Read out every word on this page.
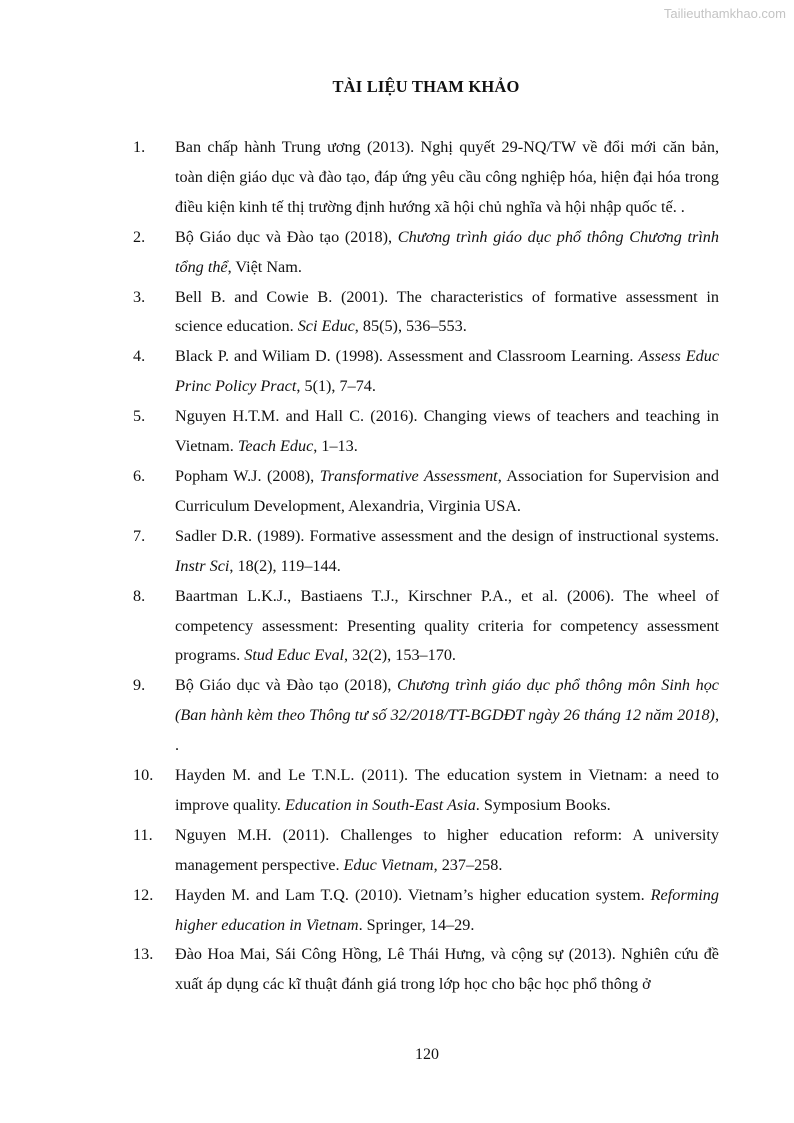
Tailieuthamkhao.com
TÀI LIỆU THAM KHẢO
1. Ban chấp hành Trung ương (2013). Nghị quyết 29-NQ/TW về đổi mới căn bản, toàn diện giáo dục và đào tạo, đáp ứng yêu cầu công nghiệp hóa, hiện đại hóa trong điều kiện kinh tế thị trường định hướng xã hội chủ nghĩa và hội nhập quốc tế. .
2. Bộ Giáo dục và Đào tạo (2018), Chương trình giáo dục phổ thông Chương trình tổng thể, Việt Nam.
3. Bell B. and Cowie B. (2001). The characteristics of formative assessment in science education. Sci Educ, 85(5), 536–553.
4. Black P. and Wiliam D. (1998). Assessment and Classroom Learning. Assess Educ Princ Policy Pract, 5(1), 7–74.
5. Nguyen H.T.M. and Hall C. (2016). Changing views of teachers and teaching in Vietnam. Teach Educ, 1–13.
6. Popham W.J. (2008), Transformative Assessment, Association for Supervision and Curriculum Development, Alexandria, Virginia USA.
7. Sadler D.R. (1989). Formative assessment and the design of instructional systems. Instr Sci, 18(2), 119–144.
8. Baartman L.K.J., Bastiaens T.J., Kirschner P.A., et al. (2006). The wheel of competency assessment: Presenting quality criteria for competency assessment programs. Stud Educ Eval, 32(2), 153–170.
9. Bộ Giáo dục và Đào tạo (2018), Chương trình giáo dục phổ thông môn Sinh học (Ban hành kèm theo Thông tư số 32/2018/TT-BGDĐT ngày 26 tháng 12 năm 2018), .
10. Hayden M. and Le T.N.L. (2011). The education system in Vietnam: a need to improve quality. Education in South-East Asia. Symposium Books.
11. Nguyen M.H. (2011). Challenges to higher education reform: A university management perspective. Educ Vietnam, 237–258.
12. Hayden M. and Lam T.Q. (2010). Vietnam’s higher education system. Reforming higher education in Vietnam. Springer, 14–29.
13. Đào Hoa Mai, Sái Công Hồng, Lê Thái Hưng, và cộng sự (2013). Nghiên cứu đề xuất áp dụng các kĩ thuật đánh giá trong lớp học cho bậc học phổ thông ở
120
